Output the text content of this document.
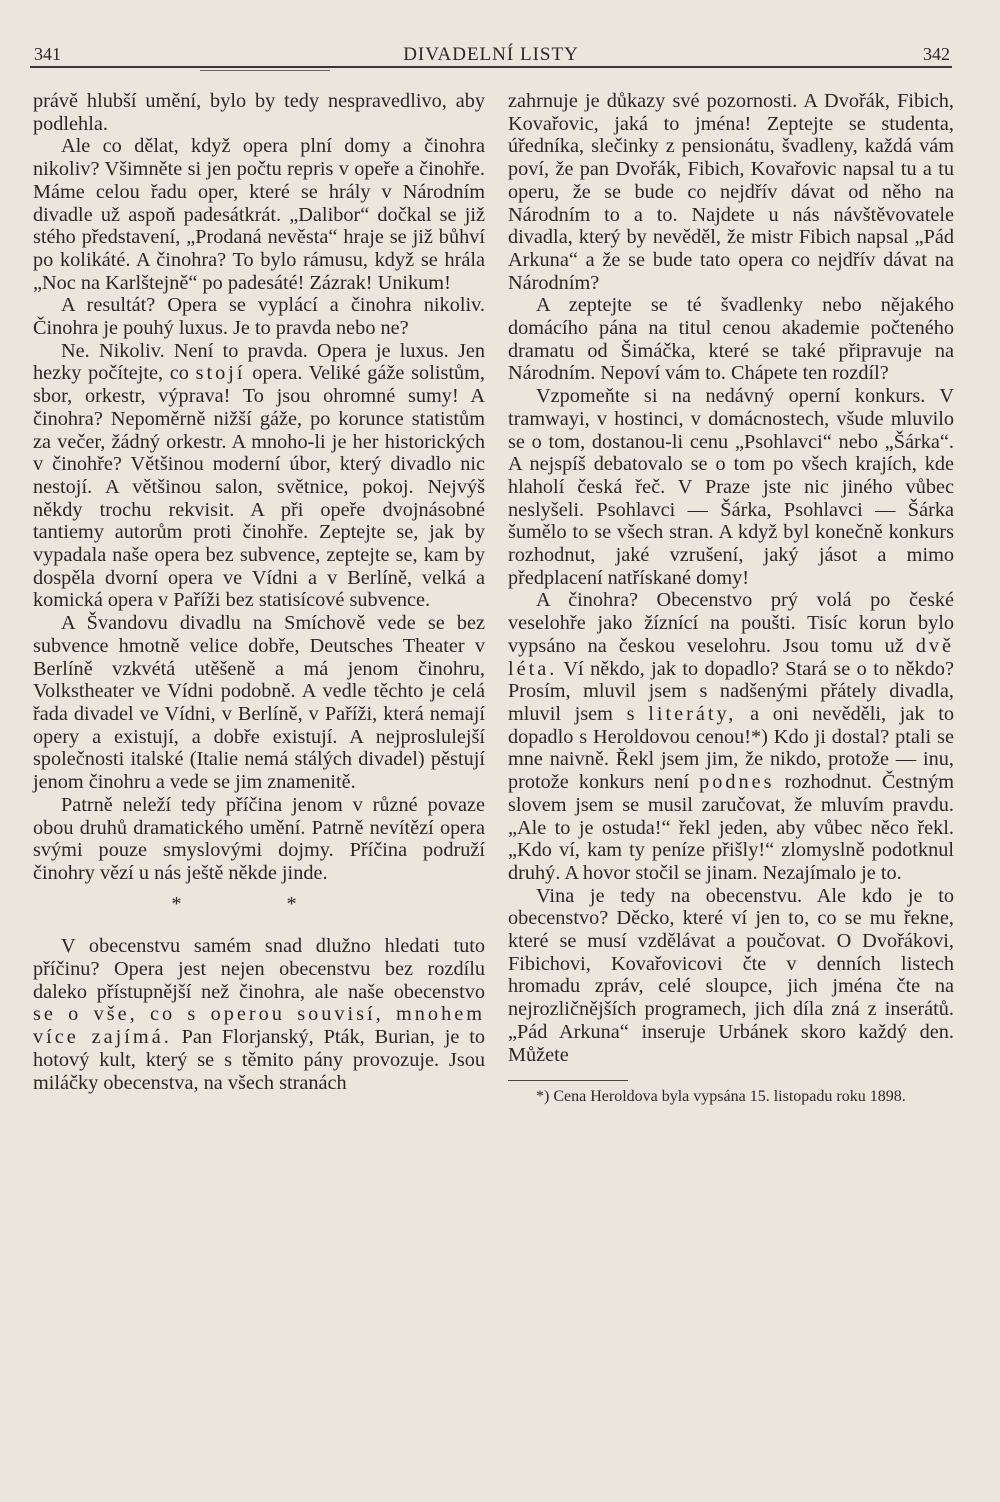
341	DIVADELNÍ LISTY	342

právě hlubší umění, bylo by tedy nespravedlivo, aby podlehla.

Ale co dělat, když opera plní domy a činohra nikoliv? Všimněte si jen počtu repris v opeře a činohře. Máme celou řadu oper, které se hrály v Národním divadle už aspoň padesátkrát. „Dalibor“ dočkal se již stého představení, „Prodaná nevěsta“ hraje se již bůhví po kolikáté. A činohra? To bylo rámusu, když se hrála „Noc na Karlštejně“ po padesáté! Zázrak! Unikum!

A resultát? Opera se vyplácí a činohra nikoliv. Činohra je pouhý luxus. Je to pravda nebo ne?

Ne. Nikoliv. Není to pravda. Opera je luxus. Jen hezky počítejte, co stojí opera. Veliké gáže solistům, sbor, orkestr, výprava! To jsou ohromné sumy! A činohra? Nepoměrně nižší gáže, po korunce statistům za večer, žádný orkestr. A mnoho-li je her historických v činohře? Většinou moderní úbor, který divadlo nic nestojí. A většinou salon, světnice, pokoj. Nejvýš někdy trochu rekvisit. A při opeře dvojnásobné tantiemy autorům proti činohře. Zeptejte se, jak by vypadala naše opera bez subvence, zeptejte se, kam by dospěla dvorní opera ve Vídni a v Berlíně, velká a komická opera v Paříži bez statisícové subvence.

A Švandovu divadlu na Smíchově vede se bez subvence hmotně velice dobře, Deutsches Theater v Berlíně vzkvétá utěšeně a má jenom činohru, Volkstheater ve Vídni podobně. A vedle těchto je celá řada divadel ve Vídni, v Berlíně, v Paříži, která nemají opery a existují, a dobře existují. A nejproslulejší společnosti italské (Italie nemá stálých divadel) pěstují jenom činohru a vede se jim znamenitě.

Patrně neleží tedy příčina jenom v různé povaze obou druhů dramatického umění. Patrně nevítězí opera svými pouze smyslovými dojmy. Příčina podruží činohry vězí u nás ještě někde jinde.

* *

V obecenstvu samém snad dlužno hledati tuto příčinu? Opera jest nejen obecenstvu bez rozdílu daleko přístupnější než činohra, ale naše obecenstvo se o vše, co s operou souvisí, mnohem více zajímá. Pan Florjanský, Pták, Burian, je to hotový kult, který se s těmito pány provozuje. Jsou miláčky obecenstva, na všech stranách

zahrnuje je důkazy své pozornosti. A Dvořák, Fibich, Kovařovic, jaká to jména! Zeptejte se studenta, úředníka, slečinky z pensionátu, švadleny, každá vám poví, že pan Dvořák, Fibich, Kovařovic napsal tu a tu operu, že se bude co nejdřív dávat od něho na Národním to a to. Najdete u nás návštěvovatele divadla, který by nevěděl, že mistr Fibich napsal „Pád Arkuna“ a že se bude tato opera co nejdřív dávat na Národním?

A zeptejte se té švadlenky nebo nějakého domácího pána na titul cenou akademie počteného dramatu od Šimáčka, které se také připravuje na Národním. Nepoví vám to. Chápete ten rozdíl?

Vzpomeňte si na nedávný operní konkurs. V tramwayi, v hostinci, v domácnostech, všude mluvilo se o tom, dostanou-li cenu „Psohlavci“ nebo „Šárka“. A nejspíš debatovalo se o tom po všech krajích, kde hlaholí česká řeč. V Praze jste nic jiného vůbec neslyšeli. Psohlavci — Šárka, Psohlavci — Šárka šumělo to se všech stran. A když byl konečně konkurs rozhodnut, jaké vzrušení, jaký jásot a mimo předplacení natřískané domy!

A činohra? Obecenstvo prý volá po české veselohře jako žíznící na poušti. Tisíc korun bylo vypsáno na českou veselohru. Jsou tomu už dvě léta. Ví někdo, jak to dopadlo? Stará se o to někdo? Prosím, mluvil jsem s nadšenými přátely divadla, mluvil jsem s literáty, a oni nevěděli, jak to dopadlo s Heroldovou cenou!*) Kdo ji dostal? ptali se mne naivně. Řekl jsem jim, že nikdo, protože — inu, protože konkurs není podnes rozhodnut. Čestným slovem jsem se musil zaručovat, že mluvím pravdu. „Ale to je ostuda!“ řekl jeden, aby vůbec něco řekl. „Kdo ví, kam ty peníze přišly!“ zlomyslně podotknul druhý. A hovor stočil se jinam. Nezajímalo je to.

Vina je tedy na obecenstvu. Ale kdo je to obecenstvo? Děcko, které ví jen to, co se mu řekne, které se musí vzdělávat a poučovat. O Dvořákovi, Fibichovi, Kovařovicovi čte v denních listech hromadu zpráv, celé sloupce, jich jména čte na nejrozličnějších programech, jich díla zná z inserátů. „Pád Arkuna“ inseruje Urbánek skoro každý den. Můžete

*) Cena Heroldova byla vypsána 15. listopadu roku 1898.
